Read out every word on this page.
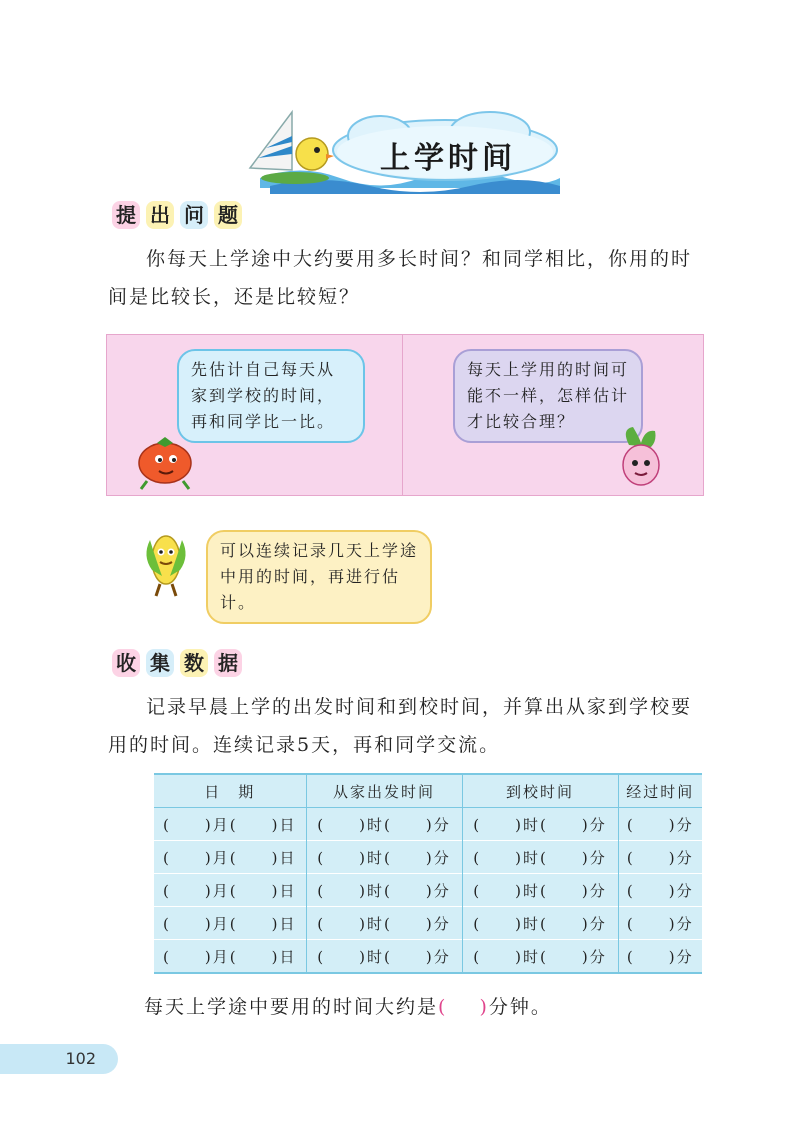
上学时间
提 出 问 题
你每天上学途中大约要用多长时间？和同学相比，你用的时间是比较长，还是比较短？
先估计自己每天从家到学校的时间，再和同学比一比。
每天上学用的时间可能不一样，怎样估计才比较合理？
可以连续记录几天上学途中用的时间，再进行估计。
收 集 数 据
记录早晨上学的出发时间和到校时间，并算出从家到学校要用的时间。连续记录5天，再和同学交流。
日　期	从家出发时间	到校时间	经过时间
(　　)月(　　)日	(　　)时(　　)分	(　　)时(　　)分	(　　)分
(　　)月(　　)日	(　　)时(　　)分	(　　)时(　　)分	(　　)分
(　　)月(　　)日	(　　)时(　　)分	(　　)时(　　)分	(　　)分
(　　)月(　　)日	(　　)时(　　)分	(　　)时(　　)分	(　　)分
(　　)月(　　)日	(　　)时(　　)分	(　　)时(　　)分	(　　)分
每天上学途中要用的时间大约是( )分钟。
102
